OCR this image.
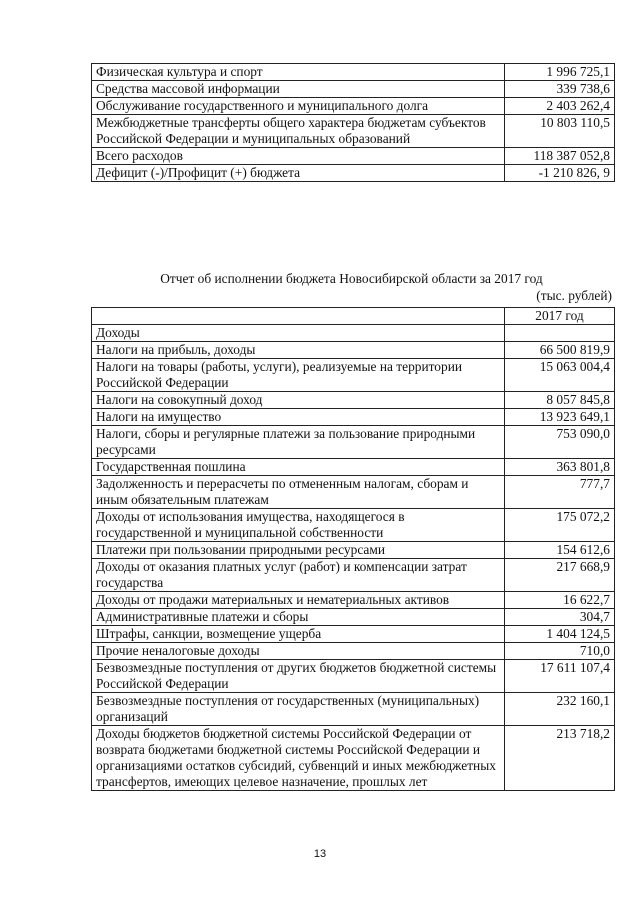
Физическая культура и спорт	1 996 725,1
Средства массовой информации	339 738,6
Обслуживание государственного и муниципального долга	2 403 262,4
Межбюджетные трансферты общего характера бюджетам субъектов Российской Федерации и муниципальных образований	10 803 110,5
Всего расходов	118 387 052,8
Дефицит (-)/Профицит (+) бюджета	-1 210 826, 9
Отчет об исполнении бюджета Новосибирской области за 2017 год
(тыс. рублей)
	2017 год
Доходы	
Налоги на прибыль, доходы	66 500 819,9
Налоги на товары (работы, услуги), реализуемые на территории Российской Федерации	15 063 004,4
Налоги на совокупный доход	8 057 845,8
Налоги на имущество	13 923 649,1
Налоги, сборы и регулярные платежи за пользование природными ресурсами	753 090,0
Государственная пошлина	363 801,8
Задолженность и перерасчеты по отмененным налогам, сборам и иным обязательным платежам	777,7
Доходы от использования имущества, находящегося в государственной и муниципальной собственности	175 072,2
Платежи при пользовании природными ресурсами	154 612,6
Доходы от оказания платных услуг (работ) и компенсации затрат государства	217 668,9
Доходы от продажи материальных и нематериальных активов	16 622,7
Административные платежи и сборы	304,7
Штрафы, санкции, возмещение ущерба	1 404 124,5
Прочие неналоговые доходы	710,0
Безвозмездные поступления от других бюджетов бюджетной системы Российской Федерации	17 611 107,4
Безвозмездные поступления от государственных (муниципальных) организаций	232 160,1
Доходы бюджетов бюджетной системы Российской Федерации от возврата бюджетами бюджетной системы Российской Федерации и организациями остатков субсидий, субвенций и иных межбюджетных трансфертов, имеющих целевое назначение, прошлых лет	213 718,2
13
